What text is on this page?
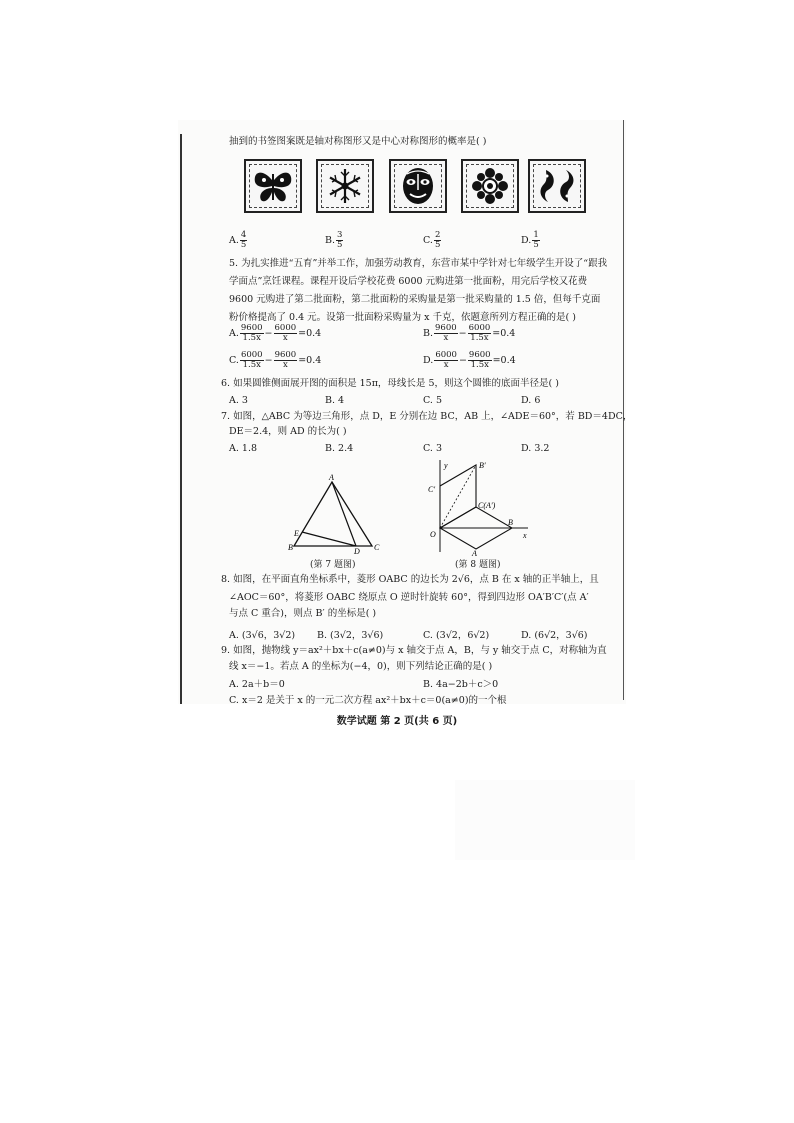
抽到的书签图案既是轴对称图形又是中心对称图形的概率是( )
A. $\frac{4}{5}$	B. $\frac{3}{5}$	C. $\frac{2}{5}$	D. $\frac{1}{5}$
5. 为扎实推进“五育”并举工作，加强劳动教育，东营市某中学针对七年级学生开设了“跟我
学面点”烹饪课程。课程开设后学校花费 6000 元购进第一批面粉，用完后学校又花费
9600 元购进了第二批面粉，第二批面粉的采购量是第一批采购量的 1.5 倍，但每千克面
粉价格提高了 0.4 元。设第一批面粉采购量为 x 千克，依题意所列方程正确的是( )
A. $\frac{9600}{1.5x} - \frac{6000}{x} =0.4$	B. $\frac{9600}{x} - \frac{6000}{1.5x} =0.4$
C. $\frac{6000}{1.5x} - \frac{9600}{x} =0.4$	D. $\frac{6000}{x} - \frac{9600}{1.5x} =0.4$
6. 如果圆锥侧面展开图的面积是 15π，母线长是 5，则这个圆锥的底面半径是( )
A. 3	B. 4	C. 5	D. 6
7. 如图，△ABC 为等边三角形，点 D，E 分别在边 BC，AB 上，∠ADE＝60°，若 BD＝4DC，
DE＝2.4，则 AD 的长为( )
A. 1.8	B. 2.4	C. 3	D. 3.2
A
B	C
D
E
(第 7 题图)
y
x
O
A
B
B′
C′
C(A′)
(第 8 题图)
8. 如图，在平面直角坐标系中，菱形 OABC 的边长为 2√6，点 B 在 x 轴的正半轴上，且
∠AOC＝60°，将菱形 OABC 绕原点 O 逆时针旋转 60°，得到四边形 OA′B′C′(点 A′
与点 C 重合)，则点 B′ 的坐标是( )
A. (3√6，3√2) B. (3√2，3√6)	C. (3√2，6√2)	D. (6√2，3√6)
9. 如图，抛物线 y＝ax²＋bx＋c(a≠0)与 x 轴交于点 A，B，与 y 轴交于点 C，对称轴为直
线 x＝−1。若点 A 的坐标为(−4，0)，则下列结论正确的是( )
A. 2a＋b＝0	B. 4a−2b＋c＞0
C. x＝2 是关于 x 的一元二次方程 ax²＋bx＋c＝0(a≠0)的一个根
数学试题 第 2 页(共 6 页)
